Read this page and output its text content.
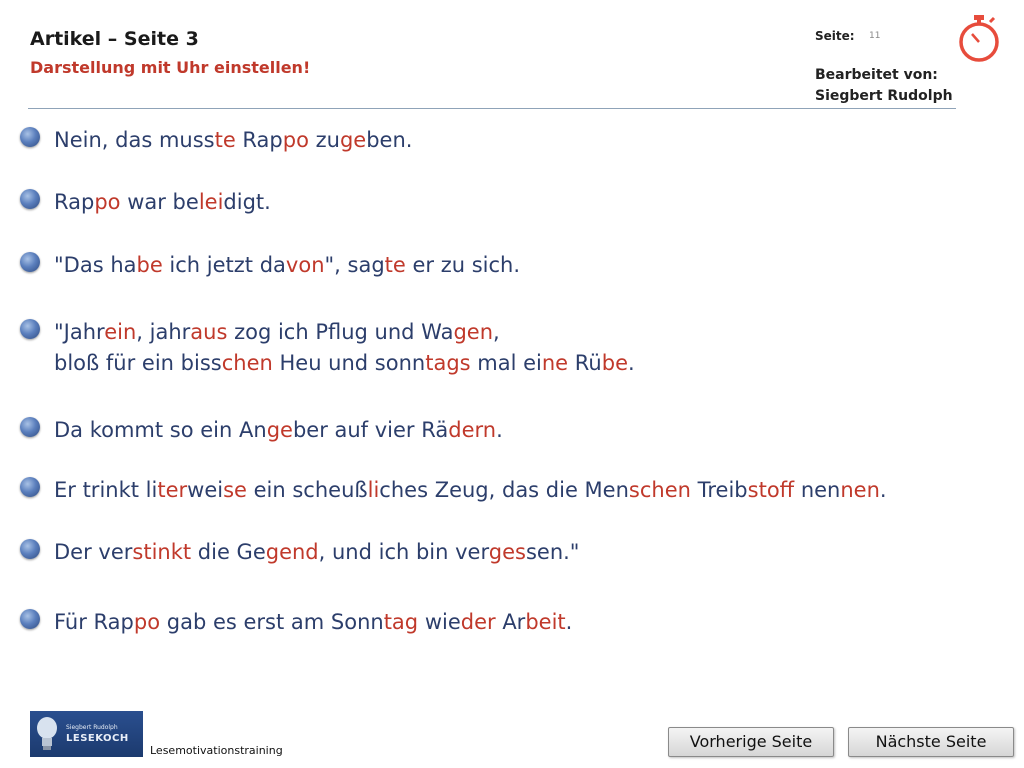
Artikel – Seite 3
Darstellung mit Uhr einstellen!
Seite: 11
Bearbeitet von:
Siegbert Rudolph
Nein, das musste Rappo zugeben.
Rappo war beleidigt.
"Das habe ich jetzt davon", sagte er zu sich.
"Jahrein, jahraus zog ich Pflug und Wagen,
bloß für ein bisschen Heu und sonntags mal eine Rübe.
Da kommt so ein Angeber auf vier Rädern.
Er trinkt literweise ein scheußliches Zeug, das die Menschen Treibstoff nennen.
Der verstinkt die Gegend, und ich bin vergessen."
Für Rappo gab es erst am Sonntag wieder Arbeit.
Siegbert Rudolph
LESEKOCH
Lesemotivationstraining	Vorherige Seite	Nächste Seite
